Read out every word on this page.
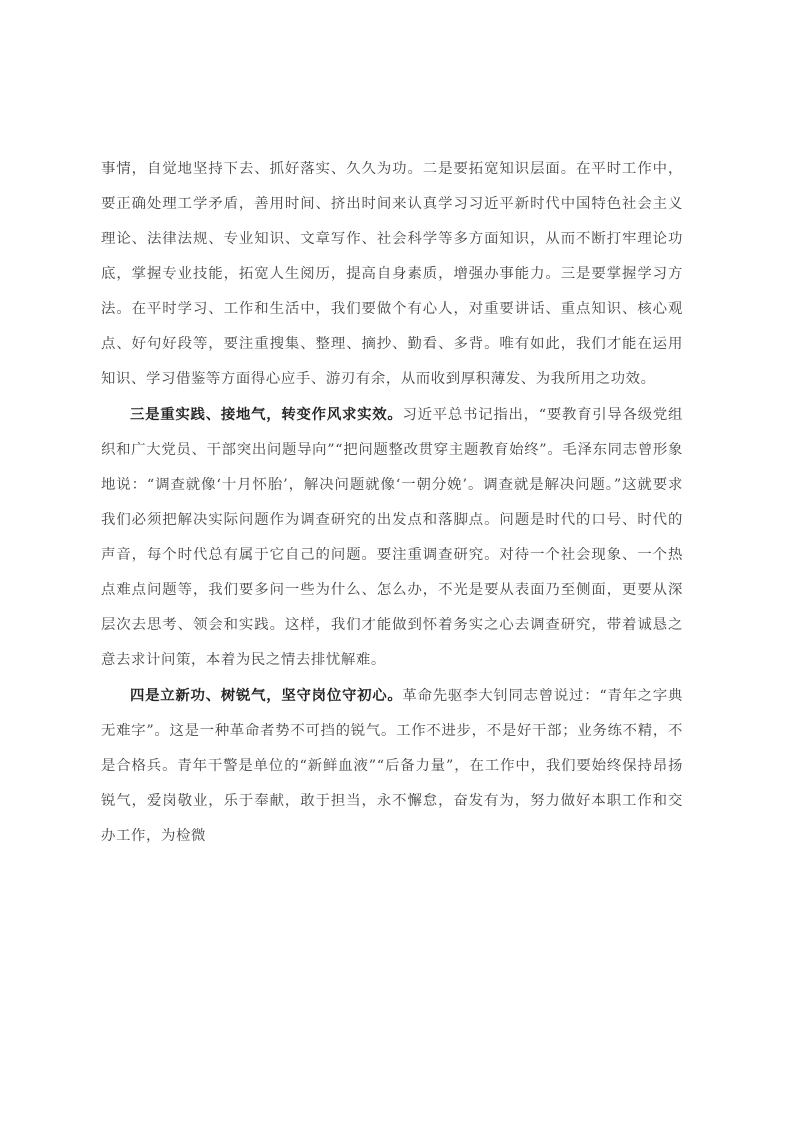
事情，自觉地坚持下去、抓好落实、久久为功。二是要拓宽知识层面。在平时工作中，要正确处理工学矛盾，善用时间、挤出时间来认真学习习近平新时代中国特色社会主义理论、法律法规、专业知识、文章写作、社会科学等多方面知识，从而不断打牢理论功底，掌握专业技能，拓宽人生阅历，提高自身素质，增强办事能力。三是要掌握学习方法。在平时学习、工作和生活中，我们要做个有心人，对重要讲话、重点知识、核心观点、好句好段等，要注重搜集、整理、摘抄、勤看、多背。唯有如此，我们才能在运用知识、学习借鉴等方面得心应手、游刃有余，从而收到厚积薄发、为我所用之功效。

三是重实践、接地气，转变作风求实效。习近平总书记指出，“要教育引导各级党组织和广大党员、干部突出问题导向”“把问题整改贯穿主题教育始终”。毛泽东同志曾形象地说：“调查就像‘十月怀胎’，解决问题就像‘一朝分娩’。调查就是解决问题。”这就要求我们必须把解决实际问题作为调查研究的出发点和落脚点。问题是时代的口号、时代的声音，每个时代总有属于它自己的问题。要注重调查研究。对待一个社会现象、一个热点难点问题等，我们要多问一些为什么、怎么办，不光是要从表面乃至侧面，更要从深层次去思考、领会和实践。这样，我们才能做到怀着务实之心去调查研究，带着诚恳之意去求计问策，本着为民之情去排忧解难。

四是立新功、树锐气，坚守岗位守初心。革命先驱李大钊同志曾说过：“青年之字典无难字”。这是一种革命者势不可挡的锐气。工作不进步，不是好干部；业务练不精，不是合格兵。青年干警是单位的“新鲜血液”“后备力量”，在工作中，我们要始终保持昂扬锐气，爱岗敬业，乐于奉献，敢于担当，永不懈怠，奋发有为，努力做好本职工作和交办工作，为检微
